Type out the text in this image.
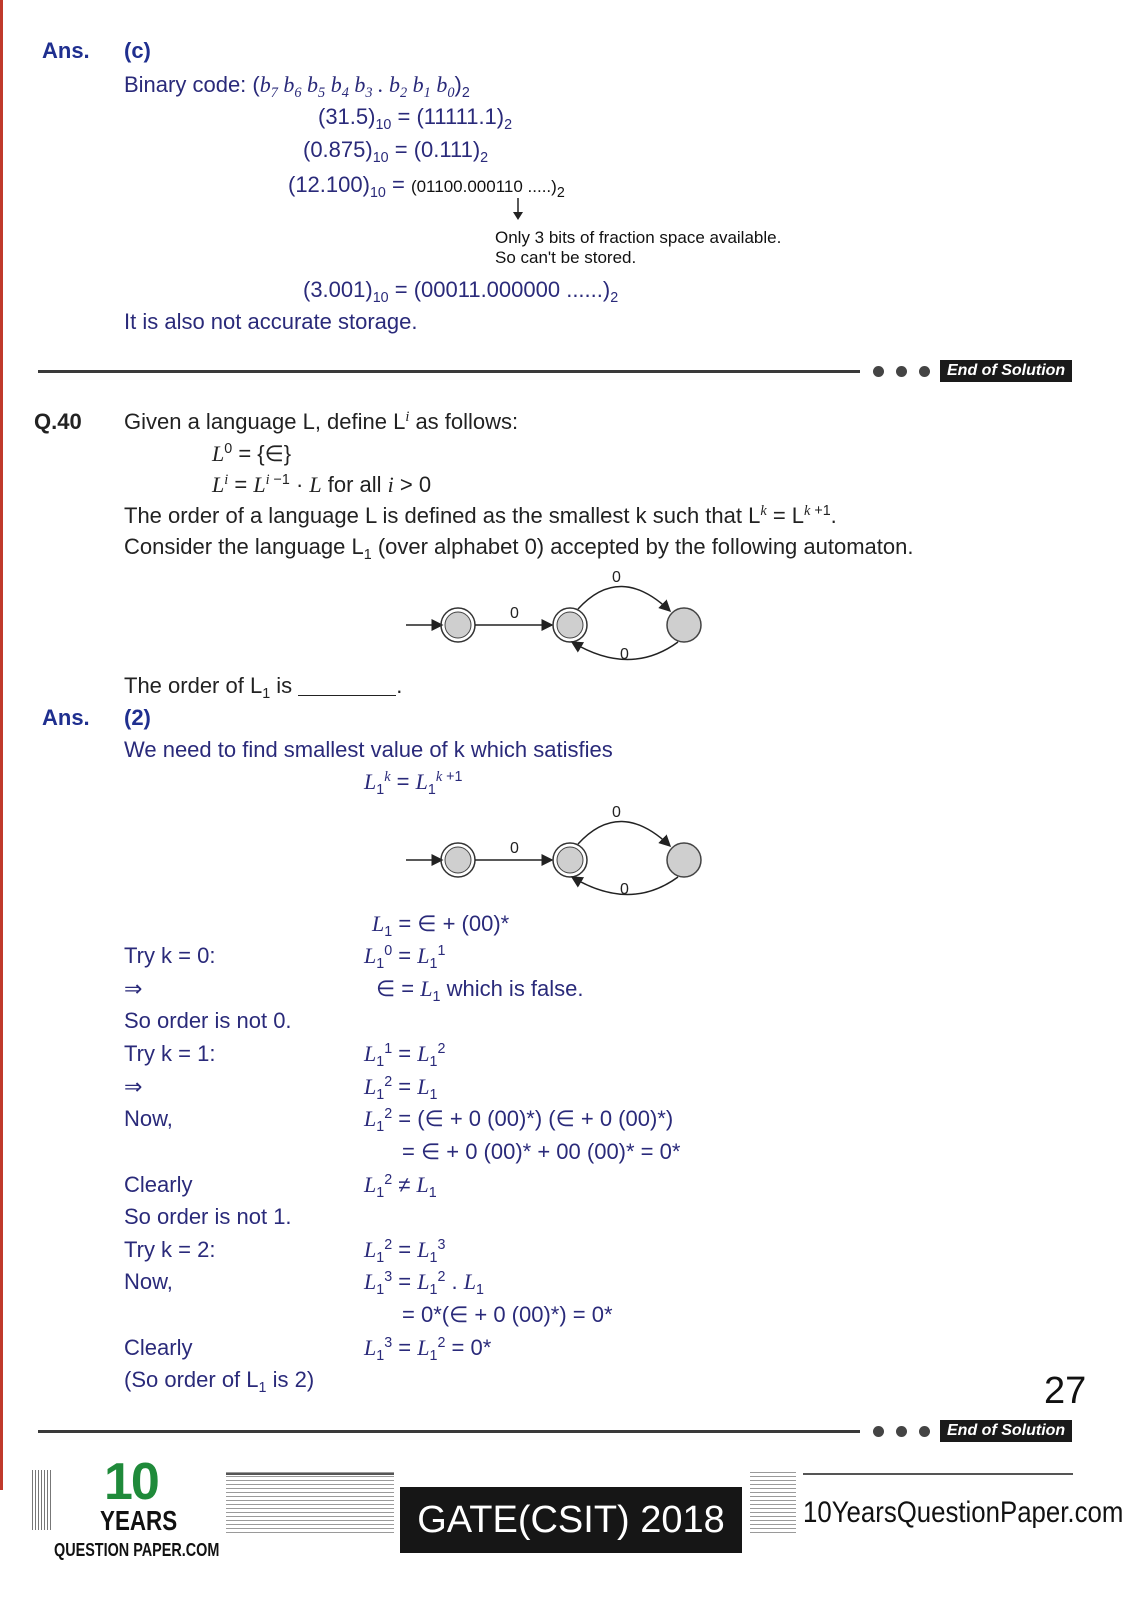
Ans. (c)
Binary code: ($b_7$ $b_6$ $b_5$ $b_4$ $b_3$ . $b_2$ $b_1$ $b_0)_2$
$(31.5)_{10} = (11111.1)_2$
$(0.875)_{10} = (0.111)_2$
$(12.100)_{10} = (01100.000110$ $.....)_2$
Only 3 bits of fraction space available.
So can't be stored.
$(3.001)_{10} = (00011.000000$ $......)_2$
It is also not accurate storage.
End of Solution
Q.40 Given a language L, define $L^i$ as follows:
$L^0$ = {∈}
$L^i = L^{i -1} \cdot L$ for all i > 0
The order of a language L is defined as the smallest k such that $L^k = L^{k +1}$.
Consider the language $L_1$ (over alphabet 0) accepted by the following automaton.
0
0
0
The order of $L_1$ is	.
Ans. (2)
We need to find smallest value of k which satisfies
$L_1^k = L_1^{k +1}$
0
0
0
$L_1$ = ∈ + (00)*
Try k = 0:	$L_1^0 = L_1^1$
⇒	∈ = $L_1$ which is false.
So order is not 0.
Try k = 1:	$L_1^1 = L_1^2$
⇒	$L_1^2 = L_1$
Now,	$L_1^2$ = (∈ + 0 (00)*) (∈ + 0 (00)*)
= ∈ + 0 (00)* + 00 (00)* = 0*
Clearly	$L_1^2 \ne L_1$
So order is not 1.
Try k = 2:	$L_1^2 = L_1^3$
Now,	$L_1^3 = L_1^2$ . $L_1$
= 0*(∈ + 0 (00)*) = 0*
Clearly	$L_1^3 = L_1^2 = 0*$
(So order of $L_1$ is 2)	27
End of Solution
10
YEARS
QUESTION PAPER.COM
GATE(CSIT) 2018	10YearsQuestionPaper.com
